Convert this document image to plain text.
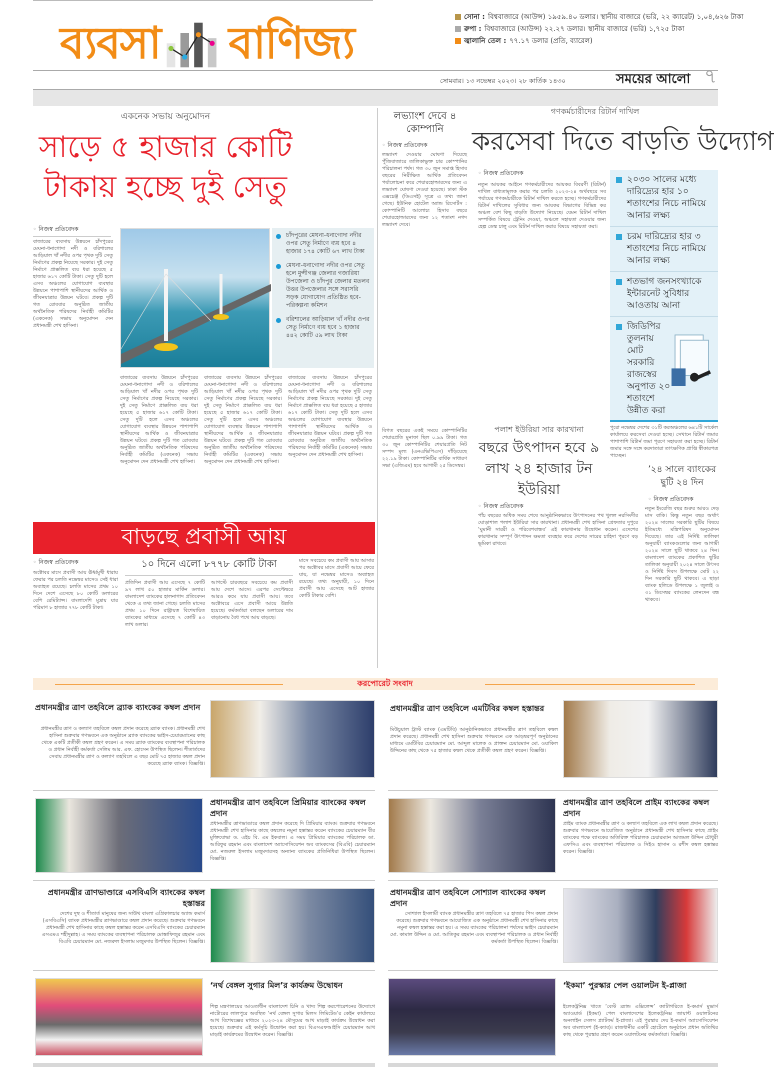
ব্যবসা বাণিজ্য
সোনা : বিশ্ববাজারে (আউন্স) ১৯৫৯.৪০ ডলার। স্থানীয় বাজারে (ভরি, ২২ ক্যারেট) ১,০৪,৬২৬ টাকা
রুপা : বিশ্ববাজারে (আউন্স) ২২.২৭ ডলার। স্থানীয় বাজারে (ভরি) ১,৭২৫ টাকা
জ্বালানি তেল : ৭৭.১৭ ডলার (প্রতি, ব্যারেল)
সোমবার। ১৩ নভেম্বর ২০২৩। ২৮ কার্তিক ১৪৩০	সময়ের আলো ৭
একনেক সভায় অনুমোদন
সাড়ে ৫ হাজার কোটি টাকায় হচ্ছে দুই সেতু
◦ নিজস্ব প্রতিবেদক
বাজারের ব্যবসায় উন্নয়নে চাঁদপুরের মেঘনা-ধনাগোদা নদী ও বরিশালের আড়িয়াল খাঁ নদীর ওপর পৃথক দুটি সেতু নির্মাণের প্রকল্প নিয়েছে সরকার। দুই সেতু নির্মাণে প্রাক্কলিত ব্যয় ধরা হয়েছে ৫ হাজার ৬১৭ কোটি টাকা। সেতু দুটি হলে এসব অঞ্চলের যোগাযোগ ব্যবস্থার উন্নয়নে পাশাপাশি স্থানীয়দের আর্থিক ও জীবনযাত্রার উন্নয়ন ঘটবে। প্রকল্প দুটি গত রোববার অনুষ্ঠিত জাতীয় অর্থনৈতিক পরিষদের নির্বাহী কমিটির (একনেক) সভায় অনুমোদন দেন প্রধানমন্ত্রী শেখ হাসিনা।
চাঁদপুরের মেঘনা-ধনাগোদা নদীর ওপর সেতু নির্মাণে ব্যয় হবে ৪ হাজার ১৭৪ কোটি ৬৭ লাখ টাকা
মেঘনা-ধনাগোদা নদীর ওপর সেতু হলে মুন্সীগঞ্জ জেলার গজারিয়া উপজেলা ও চাঁদপুর জেলার মতলব উত্তর উপজেলার সঙ্গে সরাসরি সড়ক যোগাযোগ প্রতিষ্ঠিত হবে-পরিকল্পনা কমিশন
বরিশালের আড়িয়াল খাঁ নদীর ওপর সেতু নির্মাণে ব্যয় হবে ১ হাজার ৪৪২ কোটি ৫৯ লাখ টাকা
বাজারের ব্যবসায় উন্নয়নে চাঁদপুরের মেঘনা-ধনাগোদা নদী ও বরিশালের আড়িয়াল খাঁ নদীর ওপর পৃথক দুটি সেতু নির্মাণের প্রকল্প নিয়েছে সরকার। দুই সেতু নির্মাণে প্রাক্কলিত ব্যয় ধরা হয়েছে ৫ হাজার ৬১৭ কোটি টাকা। সেতু দুটি হলে এসব অঞ্চলের যোগাযোগ ব্যবস্থার উন্নয়নে পাশাপাশি স্থানীয়দের আর্থিক ও জীবনযাত্রার উন্নয়ন ঘটবে। প্রকল্প দুটি গত রোববার অনুষ্ঠিত জাতীয় অর্থনৈতিক পরিষদের নির্বাহী কমিটির (একনেক) সভায় অনুমোদন দেন প্রধানমন্ত্রী শেখ হাসিনা।
বাজারের ব্যবসায় উন্নয়নে চাঁদপুরের মেঘনা-ধনাগোদা নদী ও বরিশালের আড়িয়াল খাঁ নদীর ওপর পৃথক দুটি সেতু নির্মাণের প্রকল্প নিয়েছে সরকার। দুই সেতু নির্মাণে প্রাক্কলিত ব্যয় ধরা হয়েছে ৫ হাজার ৬১৭ কোটি টাকা। সেতু দুটি হলে এসব অঞ্চলের যোগাযোগ ব্যবস্থার উন্নয়নে পাশাপাশি স্থানীয়দের আর্থিক ও জীবনযাত্রার উন্নয়ন ঘটবে। প্রকল্প দুটি গত রোববার অনুষ্ঠিত জাতীয় অর্থনৈতিক পরিষদের নির্বাহী কমিটির (একনেক) সভায় অনুমোদন দেন প্রধানমন্ত্রী শেখ হাসিনা।
বাজারের ব্যবসায় উন্নয়নে চাঁদপুরের মেঘনা-ধনাগোদা নদী ও বরিশালের আড়িয়াল খাঁ নদীর ওপর পৃথক দুটি সেতু নির্মাণের প্রকল্প নিয়েছে সরকার। দুই সেতু নির্মাণে প্রাক্কলিত ব্যয় ধরা হয়েছে ৫ হাজার ৬১৭ কোটি টাকা। সেতু দুটি হলে এসব অঞ্চলের যোগাযোগ ব্যবস্থার উন্নয়নে পাশাপাশি স্থানীয়দের আর্থিক ও জীবনযাত্রার উন্নয়ন ঘটবে। প্রকল্প দুটি গত রোববার অনুষ্ঠিত জাতীয় অর্থনৈতিক পরিষদের নির্বাহী কমিটির (একনেক) সভায় অনুমোদন দেন প্রধানমন্ত্রী শেখ হাসিনা।
লভ্যাংশ দেবে ৪ কোম্পানি
◦ নিজস্ব প্রতিবেদক
লভ্যাংশ দেওয়ার ঘোষণা দিয়েছে পুঁজিবাজারে তালিকাভুক্ত চার কোম্পানির পরিচালনা পর্ষদ। গত ৩০ জুন সমাপ্ত হিসাব বছরের নিরীক্ষিত আর্থিক প্রতিবেদন পর্যালোচনা করে শেয়ারহোল্ডারদের জন্য এ লভ্যাংশ ঘোষণা দেওয়া হয়েছে। ঢাকা স্টক এক্সচেঞ্জ (ডিএসই) সূত্রে এ তথ্য জানা গেছে। ইউনিক হোটেল অ্যান্ড রিসোর্টস : কোম্পানিটি আলোচ্য হিসাব বছরে শেয়ারহোল্ডারদের জন্য ১২ শতাংশ নগদ লভ্যাংশ দেবে।
বিগত বছরের একই সময়ে কোম্পানিটির শেয়ারপ্রতি মুনাফা ছিল ০.৯৯ টাকা। গত ৩০ জুন কোম্পানিটির শেয়ারপ্রতি নিট সম্পদ মূল্য (এনএভিপিএস) দাঁড়িয়েছে ২২.১৯ টাকা। কোম্পানিটির বার্ষিক সাধারণ সভা (এজিএম) হবে আগামী ২৫ ডিসেম্বর।
গণকর্মচারীদের রিটার্ন দাখিল
করসেবা দিতে বাড়তি উদ্যোগ
◦ নিজস্ব প্রতিবেদক
নতুন আয়কর আইনে গণকর্মচারীদের আয়কর বিবরণী (রিটার্ন) দাখিল বাধ্যতামূলক করার পর চলতি ২০২৩-২৪ অর্থবছরে সব পর্যায়ের গণকর্মচারীকে রিটার্ন দাখিল করতে হচ্ছে। গণকর্মচারীদের রিটার্ন দাখিলের সুবিধার জন্য আয়কর বিভাগের বিভিন্ন কর অঞ্চল বেশ কিছু বাড়তি উদ্যোগ নিয়েছে। যেমন রিটার্ন দাখিল সম্পর্কিত বিষয়ে ট্রেনিং দেওয়া, অঞ্চলে সহায়তা দেওয়ার জন্য হেল্প ডেস্ক চালু এবং রিটার্ন দাখিল করার বিষয়ে সহায়তা করা।
২০৩০ সালের মধ্যে দারিদ্র্যের হার ১০ শতাংশের নিচে নামিয়ে আনার লক্ষ্য
চরম দারিদ্র্যের হার ৩ শতাংশের নিচে নামিয়ে আনার লক্ষ্য
শতভাগ জনসংখ্যাকে ইন্টারনেট সুবিধার আওতায় আনা
জিডিপির তুলনায় মোট সরকারি রাজস্বের অনুপাত ২০ শতাংশে উন্নীত করা
পুরো নভেম্বর দেশের ৩১টি করঅঞ্চলের ৬৪১টি সার্কেল কার্যালয়ে করসেবা দেওয়া হচ্ছে। সেখানে রিটার্ন জমার পাশাপাশি রিটার্ন জমা পূরণে সহায়তা করা হচ্ছে। রিটার্ন জমার সঙ্গে সঙ্গে করদাতারা তাৎক্ষণিক প্রাপ্তি স্বীকারপত্র পাচ্ছেন।
পলাশ ইউরিয়া সার কারখানা
বছরে উৎপাদন হবে ৯ লাখ ২৪ হাজার টন ইউরিয়া
◦ নিজস্ব প্রতিবেদক
পাঁচ বছরের অধিক সময় শেষে আনুষ্ঠানিকভাবে উৎপাদনের পথ খুলল নরসিংদীর ঘোড়াশাল পলাশ ইউরিয়া সার কারখানা। প্রধানমন্ত্রী শেখ হাসিনা গ্রেফতার দুপুরে ‘ঘুমানী সাররী ও পরিবেশবান্ধব’ এই কারখানার উদ্বোধন করেন। এদেশের কারখানার সম্পূর্ণ উৎপাদন ক্ষমতা ব্যবহার করে দেশের সারের চাহিদা পূরণে বড় ভূমিকা রাখবে।
’২৪ সালে ব্যাংকের ছুটি ২৪ দিন
◦ নিজস্ব প্রতিবেদক
নতুন ইংরেজি বছর শুরুর আরও দেড় মাস বাকি। কিন্তু নতুন বছর অর্থাৎ ২০২৪ সালের সরকারি ছুটির বিষয়ে ইতিমধ্যে মন্ত্রিপরিষদ অনুমোদন দিয়েছে। তার এই নির্দিষ্ট তালিকা অনুযায়ী ব্যাংকগুলোর জন্য আগামী ২০২৪ সালে ছুটি থাকবে ২৪ দিন। বাংলাদেশ ব্যাংকের প্রকাশিত ছুটির তালিকা অনুযায়ী ২০২৪ সালে উৎসব ও নির্দিষ্ট দিবস উপলক্ষে মোট ২২ দিন সরকারি ছুটি থাকবে। এ ছাড়া ব্যাংক হলিডে উপলক্ষে ১ জুলাই ও ৩১ ডিসেম্বর ব্যাংকের লেনদেন বন্ধ থাকবে।
বাড়ছে প্রবাসী আয়
◦ নিজস্ব প্রতিবেদক	১০ দিনে এলো ৮৭৭৮ কোটি টাকা
অক্টোবর মাসে প্রবাসী আয় ঊর্ধ্বমুখী ধারায় ফেরার পর চলতি নভেম্বর মাসেও সেই ধারা অব্যাহত রয়েছে। চলতি মাসের প্রথম ১০ দিনে দেশে এসেছে ৮০ কোটি ডলারের বেশি রেমিট্যান্স। বাংলাদেশি মুদ্রায় যার পরিমাণ ৮ হাজার ৭৭৮ কোটি টাকা।
প্রতিদিন প্রবাসী আয় এসেছে ৭ কোটি ৯৭ লাখ ৫০ হাজার মার্কিন ডলার। বাংলাদেশ ব্যাংকের হালনাগাদ প্রতিবেদন থেকে এ তথ্য জানা গেছে। চলতি মাসের প্রথম ১০ দিনে রাষ্ট্রায়ত্ত বিশেষায়িত ব্যাংকের মাধ্যমে এসেছে ৭ কোটি ৪৩ লাখ ডলার।
আগস্টে চারবছরে সবচেয়ে কম প্রবাসী আয় দেশে আসে। এরপর সেপ্টেম্বরে আরও কমে যায় প্রবাসী আয়। তবে অক্টোবরে এসে প্রবাসী আয়ে উন্নতি হয়েছে। কর্মকর্তারা বলছেন ডলারের দাম বাড়ানোয় বৈধ পথে আয় বাড়ছে।
মাসে সবচেয়ে কম প্রবাসী আয় আসার পর অক্টোবর মাসে প্রবাসী আয়ে ফেরে যায়, যা নভেম্বর মাসেও অব্যাহত রয়েছে। তথ্য অনুযায়ী, ১০ দিনে প্রবাসী আয় এসেছে আট হাজার কোটি টাকার বেশি।
করপোরেট সংবাদ
প্রধানমন্ত্রীর ত্রাণ তহবিলে ব্র্যাক ব্যাংকের কম্বল প্রদান
প্রধানমন্ত্রীর ত্রাণ ও কল্যাণ তহবিলে কম্বল প্রদান করেছে ব্র্যাক ব্যাংক। প্রধানমন্ত্রী শেখ হাসিনা শুক্রবার গণভবনে এক অনুষ্ঠানে ব্র্যাক ব্যাংকের ভাইস-চেয়ারম্যানের কাছ থেকে একটি প্রতীকী কম্বল গ্রহণ করেন। এ সময় ব্র্যাক ব্যাংকের ব্যবস্থাপনা পরিচালক ও প্রধান নির্বাহী কর্মকর্তা সেলিম আর. এফ. হোসেন উপস্থিত ছিলেন। শীতার্তদের সেবায় প্রধানমন্ত্রীর ত্রাণ ও কল্যাণ তহবিলে এ বছর মোট ৭৫ হাজার কম্বল প্রদান করেছে ব্র্যাক ব্যাংক। বিজ্ঞপ্তি।
প্রধানমন্ত্রীর ত্রাণ তহবিলে এমটিবির কম্বল হস্তান্তর
মিউচুয়াল ট্রাস্ট ব্যাংক (এমটিবি) আনুষ্ঠানিকভাবে প্রধানমন্ত্রীর ত্রাণ তহবিলে কম্বল প্রদান করেছে। প্রধানমন্ত্রী শেখ হাসিনা শুক্রবার গণভবনে এক আড়ম্বরপূর্ণ অনুষ্ঠানের মাধ্যমে এমটিবির চেয়ারম্যান মো. আব্দুল মালেক ও প্রাক্তন চেয়ারম্যান মো. ওয়াকিল উদ্দিনের কাছ থেকে ৭৫ হাজার কম্বল থেকে প্রতীকী কম্বল গ্রহণ করেন। বিজ্ঞপ্তি।
প্রধানমন্ত্রীর ত্রাণ তহবিলে প্রিমিয়ার ব্যাংকের কম্বল প্রদান
প্রধানমন্ত্রীর ত্রাণভাণ্ডারে কম্বল প্রদান করেছে দি প্রিমিয়ার ব্যাংক। শুক্রবার গণভবনে প্রধানমন্ত্রী শেখ হাসিনার কাছে কম্বলের নমুনা হস্তান্তর করেন ব্যাংকের চেয়ারম্যান বীর মুক্তিযোদ্ধা ড. এইচ বি. এম ইকবাল। এ সময় প্রিমিয়ার ব্যাংকের পরিচালক ডা. আরিফুর রহমান এবং বাংলাদেশ অ্যাসোসিয়েশন অব ব্যাংকসের (বিএবি) চেয়ারম্যান মো. নজরুল ইসলাম মজুমদারসহ অন্যান্য ব্যাংকের প্রতিনিধিরা উপস্থিত ছিলেন। বিজ্ঞপ্তি।
প্রধানমন্ত্রীর ত্রাণ তহবিলে প্রাইম ব্যাংকের কম্বল প্রদান
প্রাইম ব্যাংক প্রধানমন্ত্রীর ত্রাণ ও কল্যাণ তহবিলে এক লাখ কম্বল প্রদান করেছে। শুক্রবার গণভবনে আয়োজিত অনুষ্ঠানে প্রধানমন্ত্রী শেখ হাসিনার কাছে প্রাইম ব্যাংকের পক্ষে ব্যাংকের অতিরিক্ত পরিচালক চেয়ারম্যান আজমল উদ্দিন চৌধুরী এফসিএ এবং ব্যবস্থাপনা পরিচালক ও সিইও হাসান ও রশীদ কম্বল হস্তান্তর করেন। বিজ্ঞপ্তি।
প্রধানমন্ত্রীর ত্রাণভাণ্ডারে এসবিএসি ব্যাংকের কম্বল হস্তান্তর
দেশের দুস্থ ও শীতার্ত মানুষের জন্য সাউথ বাংলা এগ্রিকালচার অ্যান্ড কমার্স (এসবিএসি) ব্যাংক প্রধানমন্ত্রীর ত্রাণভাণ্ডারে কম্বল প্রদান করেছে। শুক্রবার গণভবনে প্রধানমন্ত্রী শেখ হাসিনার কাছে কম্বল হস্তান্তর করেন এসবিএসি ব্যাংকের চেয়ারম্যান এসএমএ শহীদুল্লাহ। এ সময় ব্যাংকের ব্যবস্থাপনা পরিচালক মোস্তাফিজুর রহমান এবং বিএবি চেয়ারম্যান মো. নজরুল ইসলাম মজুমদার উপস্থিত ছিলেন। বিজ্ঞপ্তি।
প্রধানমন্ত্রীর ত্রাণ তহবিলে সোশ্যাল ব্যাংকের কম্বল প্রদান
সোশ্যাল ইসলামী ব্যাংক প্রধানমন্ত্রীর ত্রাণ তহবিলে ৭৫ হাজার পিস কম্বল প্রদান করেছে। শুক্রবার গণভবনে আয়োজিত এক অনুষ্ঠানে প্রধানমন্ত্রী শেখ হাসিনার কাছে নমুনা কম্বল হস্তান্তর করা হয়। এ সময় ব্যাংকের পরিচালনা পর্ষদের ভাইস চেয়ারম্যান মো. কামাল উদ্দিন ও মো. আতিকুর রহমান এবং ব্যবস্থাপনা পরিচালক ও প্রধান নির্বাহী কর্মকর্তা উপস্থিত ছিলেন। বিজ্ঞপ্তি।
‘নর্থ বেঙ্গল সুগার মিল’র কার্যক্রম উদ্বোধন
শিল্প মন্ত্রণালয়ের আওতাধীন বাংলাদেশ চিনি ও খাদ্য শিল্প করপোরেশনের উদ্যোগে নাটোরের লালপুরে অবস্থিত ‘নর্থ বেঙ্গল সুগার মিলস লিমিটেড’র কেইন কার্যালয়ে আখ বিশেষজ্ঞের মাধ্যমে ২০২৩-২৪ মৌসুমের আখ মাড়াই কার্যক্রম উদ্বোধন করা হয়েছে। শুক্রবার এই কর্মসূচি উদ্বোধন করা হয়। বিএসএফআইসি চেয়ারম্যান আখ মাড়াই কার্যক্রমের উদ্বোধন করেন। বিজ্ঞপ্তি।
‘ইকমা’ পুরস্কার পেল ওয়ালটন ই-প্লাজা
ইলেকট্রনিক্স খাতে ‘বেস্ট ব্র্যান্ড এক্সিলেন্স’ ক্যাটাগরিতে ই-কমার্স মুভার্স অ্যাওয়ার্ড (ইকমা) পেল বাংলাদেশের ইলেকট্রনিক্স জায়ান্ট ওয়ালটনের অনলাইন সেলস প্ল্যাটফর্ম ই-প্লাজা। এই পুরস্কার দেয় ই-কমার্স অ্যাসোসিয়েশন অব বাংলাদেশ (ই-ক্যাব)। রাজধানীর একটি হোটেলে অনুষ্ঠানে প্রধান অতিথির কাছ থেকে পুরস্কার গ্রহণ করেন ওয়ালটনের কর্মকর্তারা। বিজ্ঞপ্তি।
